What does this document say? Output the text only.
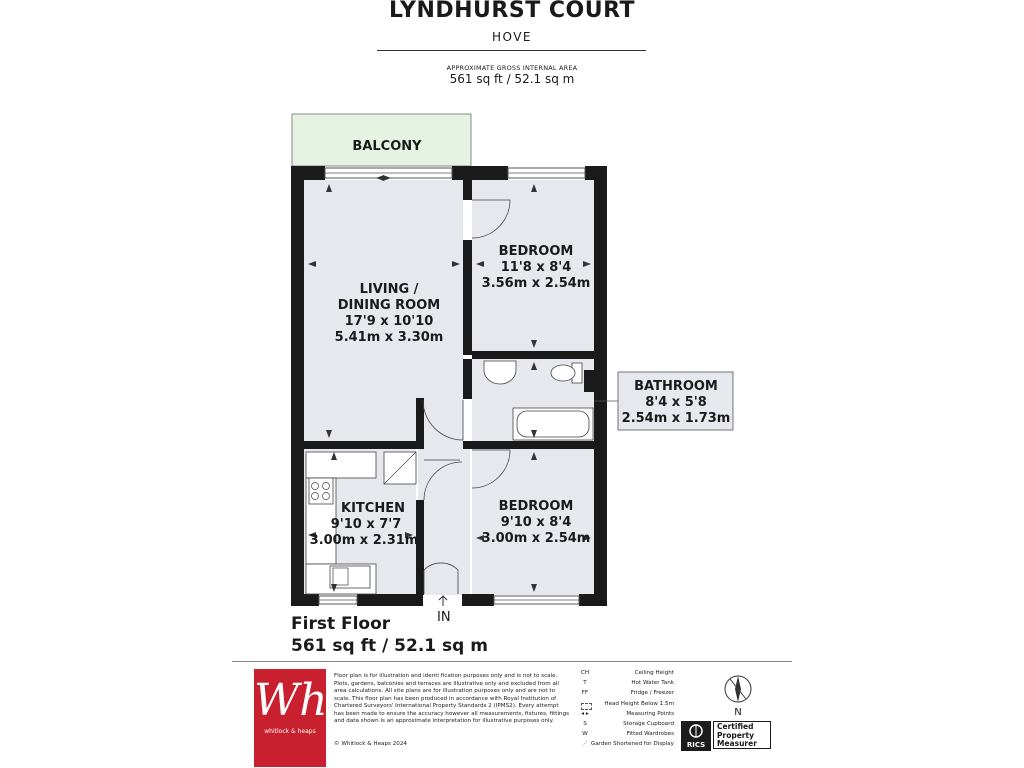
LYNDHURST COURT
HOVE
APPROXIMATE GROSS INTERNAL AREA
561 sq ft / 52.1 sq m
BALCONY
LIVING /
DINING ROOM
17'9 x 10'10
5.41m x 3.30m
BEDROOM
11'8 x 8'4
3.56m x 2.54m
BATHROOM
8'4 x 5'8
2.54m x 1.73m
KITCHEN
9'10 x 7'7
3.00m x 2.31m
BEDROOM
9'10 x 8'4
3.00m x 2.54m
IN
First Floor
561 sq ft / 52.1 sq m
Wh
whitlock & heaps
Floor plan is for illustration and identi fication purposes only and is not to scale. Plots, gardens, balconies and terraces are illustrative only and excluded from all area calculations. All site plans are for illustration purposes only and are not to scale. This floor plan has been produced in accordance with Royal Institution of Chartered Surveyors' International Property Standards 2 (IPMS2). Every attempt has been made to ensure the accuracy however all measurements, fixtures, fittings and data shown is an approximate interpretation for illustrative purposes only.
© Whitlock & Heaps 2024
CH	Ceiling Height
T	Hot Water Tank
FF	Fridge / Freezer
Head Height Below 1.5m
◂ ▸	Measuring Points
S	Storage Cupboard
W	Fitted Wardrobes
⋰ Garden Shortened for Display
N
RICS
Certified
Property
Measurer
